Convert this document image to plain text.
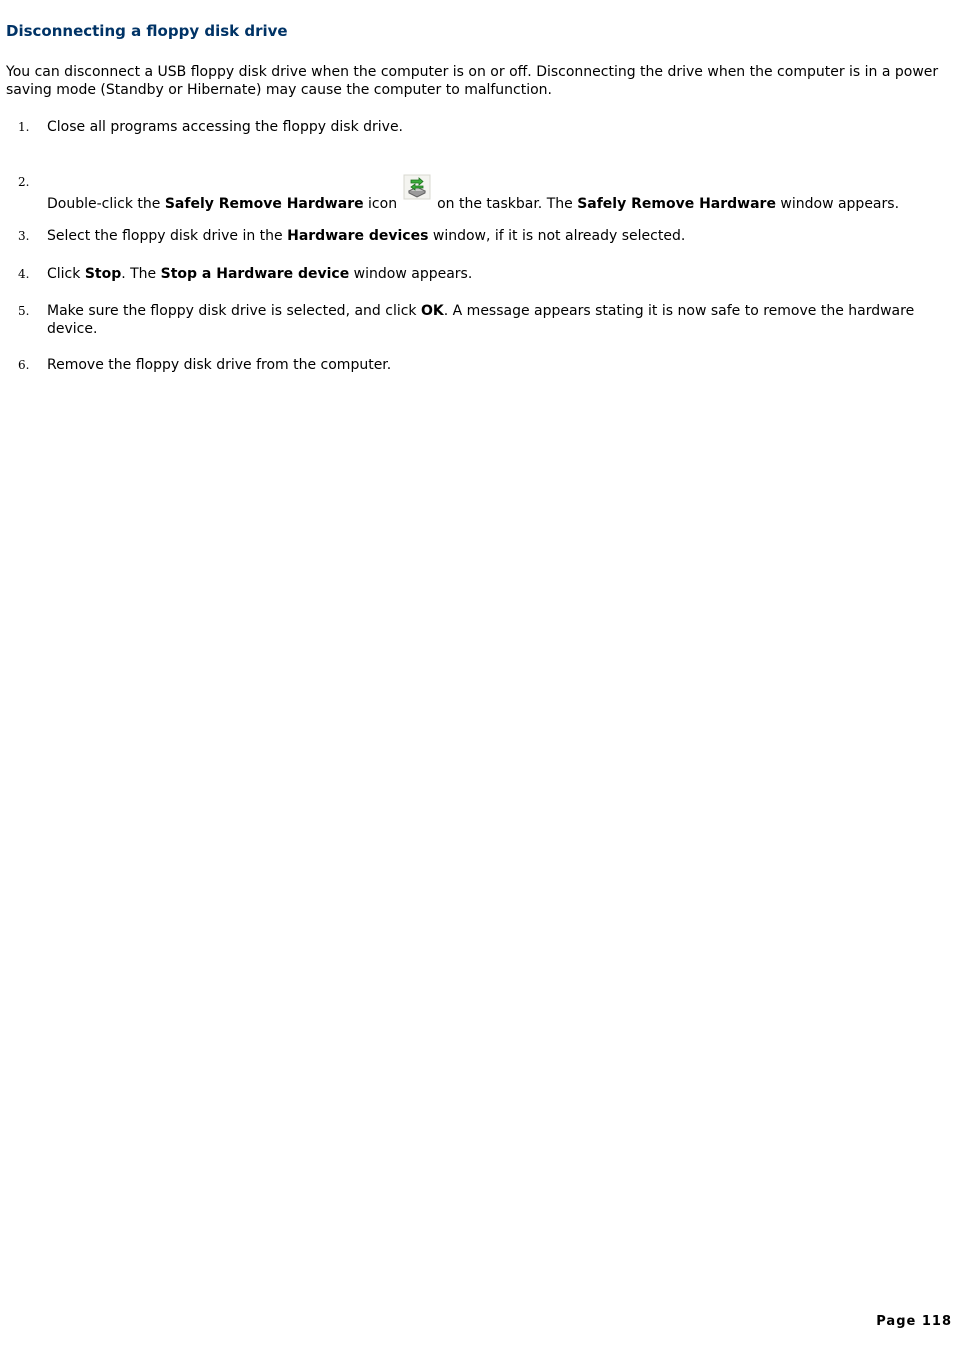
Disconnecting a floppy disk drive

You can disconnect a USB floppy disk drive when the computer is on or off. Disconnecting the drive when the computer is in a power saving mode (Standby or Hibernate) may cause the computer to malfunction.

1. Close all programs accessing the floppy disk drive.
2.
Double-click the Safely Remove Hardware icon	on the taskbar. The Safely Remove Hardware window appears.
3. Select the floppy disk drive in the Hardware devices window, if it is not already selected.
4. Click Stop. The Stop a Hardware device window appears.
5. Make sure the floppy disk drive is selected, and click OK. A message appears stating it is now safe to remove the hardware device.
6. Remove the floppy disk drive from the computer.
Page 118
